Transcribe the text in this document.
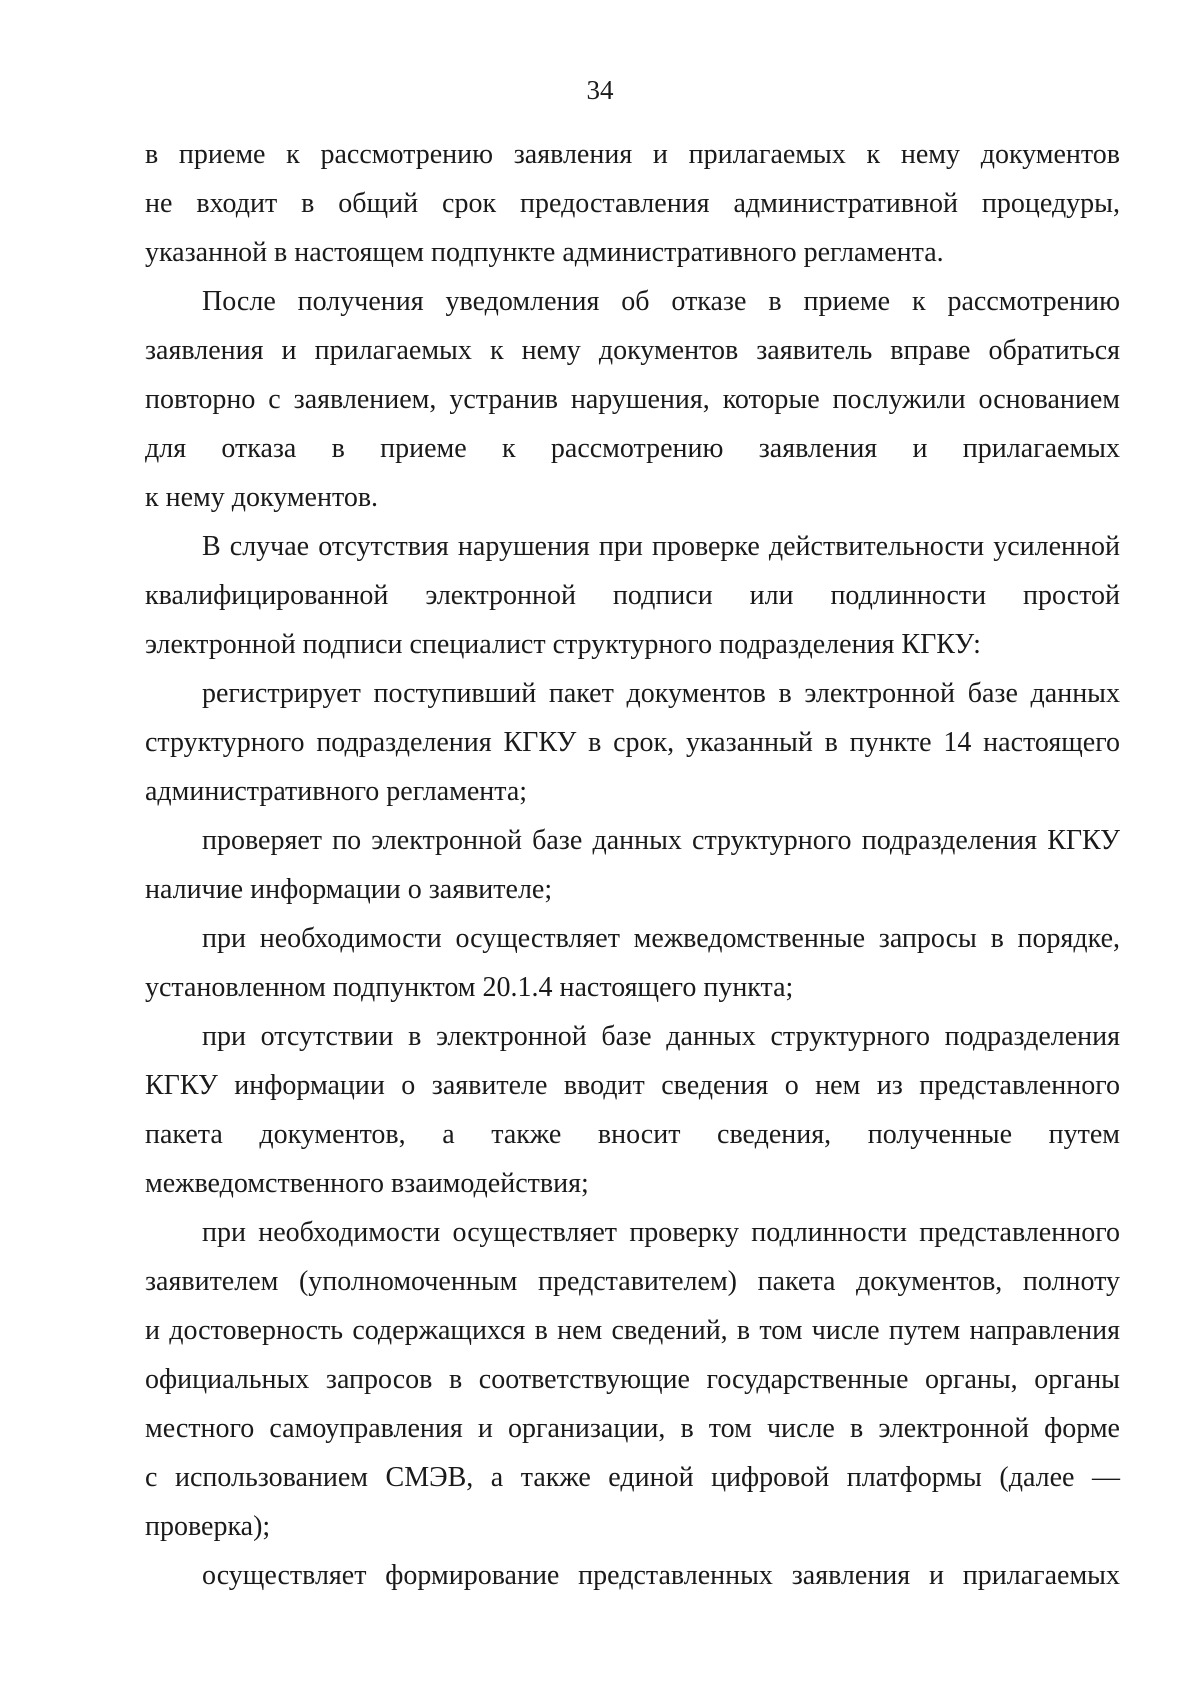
34
в приеме к рассмотрению заявления и прилагаемых к нему документов
не входит в общий срок предоставления административной процедуры,
указанной в настоящем подпункте административного регламента.
После получения уведомления об отказе в приеме к рассмотрению
заявления и прилагаемых к нему документов заявитель вправе обратиться
повторно с заявлением, устранив нарушения, которые послужили основанием
для отказа в приеме к рассмотрению заявления и прилагаемых
к нему документов.
В случае отсутствия нарушения при проверке действительности усиленной
квалифицированной электронной подписи или подлинности простой
электронной подписи специалист структурного подразделения КГКУ:
регистрирует поступивший пакет документов в электронной базе данных
структурного подразделения КГКУ в срок, указанный в пункте 14 настоящего
административного регламента;
проверяет по электронной базе данных структурного подразделения КГКУ
наличие информации о заявителе;
при необходимости осуществляет межведомственные запросы в порядке,
установленном подпунктом 20.1.4 настоящего пункта;
при отсутствии в электронной базе данных структурного подразделения
КГКУ информации о заявителе вводит сведения о нем из представленного
пакета документов, а также вносит сведения, полученные путем
межведомственного взаимодействия;
при необходимости осуществляет проверку подлинности представленного
заявителем (уполномоченным представителем) пакета документов, полноту
и достоверность содержащихся в нем сведений, в том числе путем направления
официальных запросов в соответствующие государственные органы, органы
местного самоуправления и организации, в том числе в электронной форме
с использованием СМЭВ, а также единой цифровой платформы (далее —
проверка);
осуществляет формирование представленных заявления и прилагаемых
